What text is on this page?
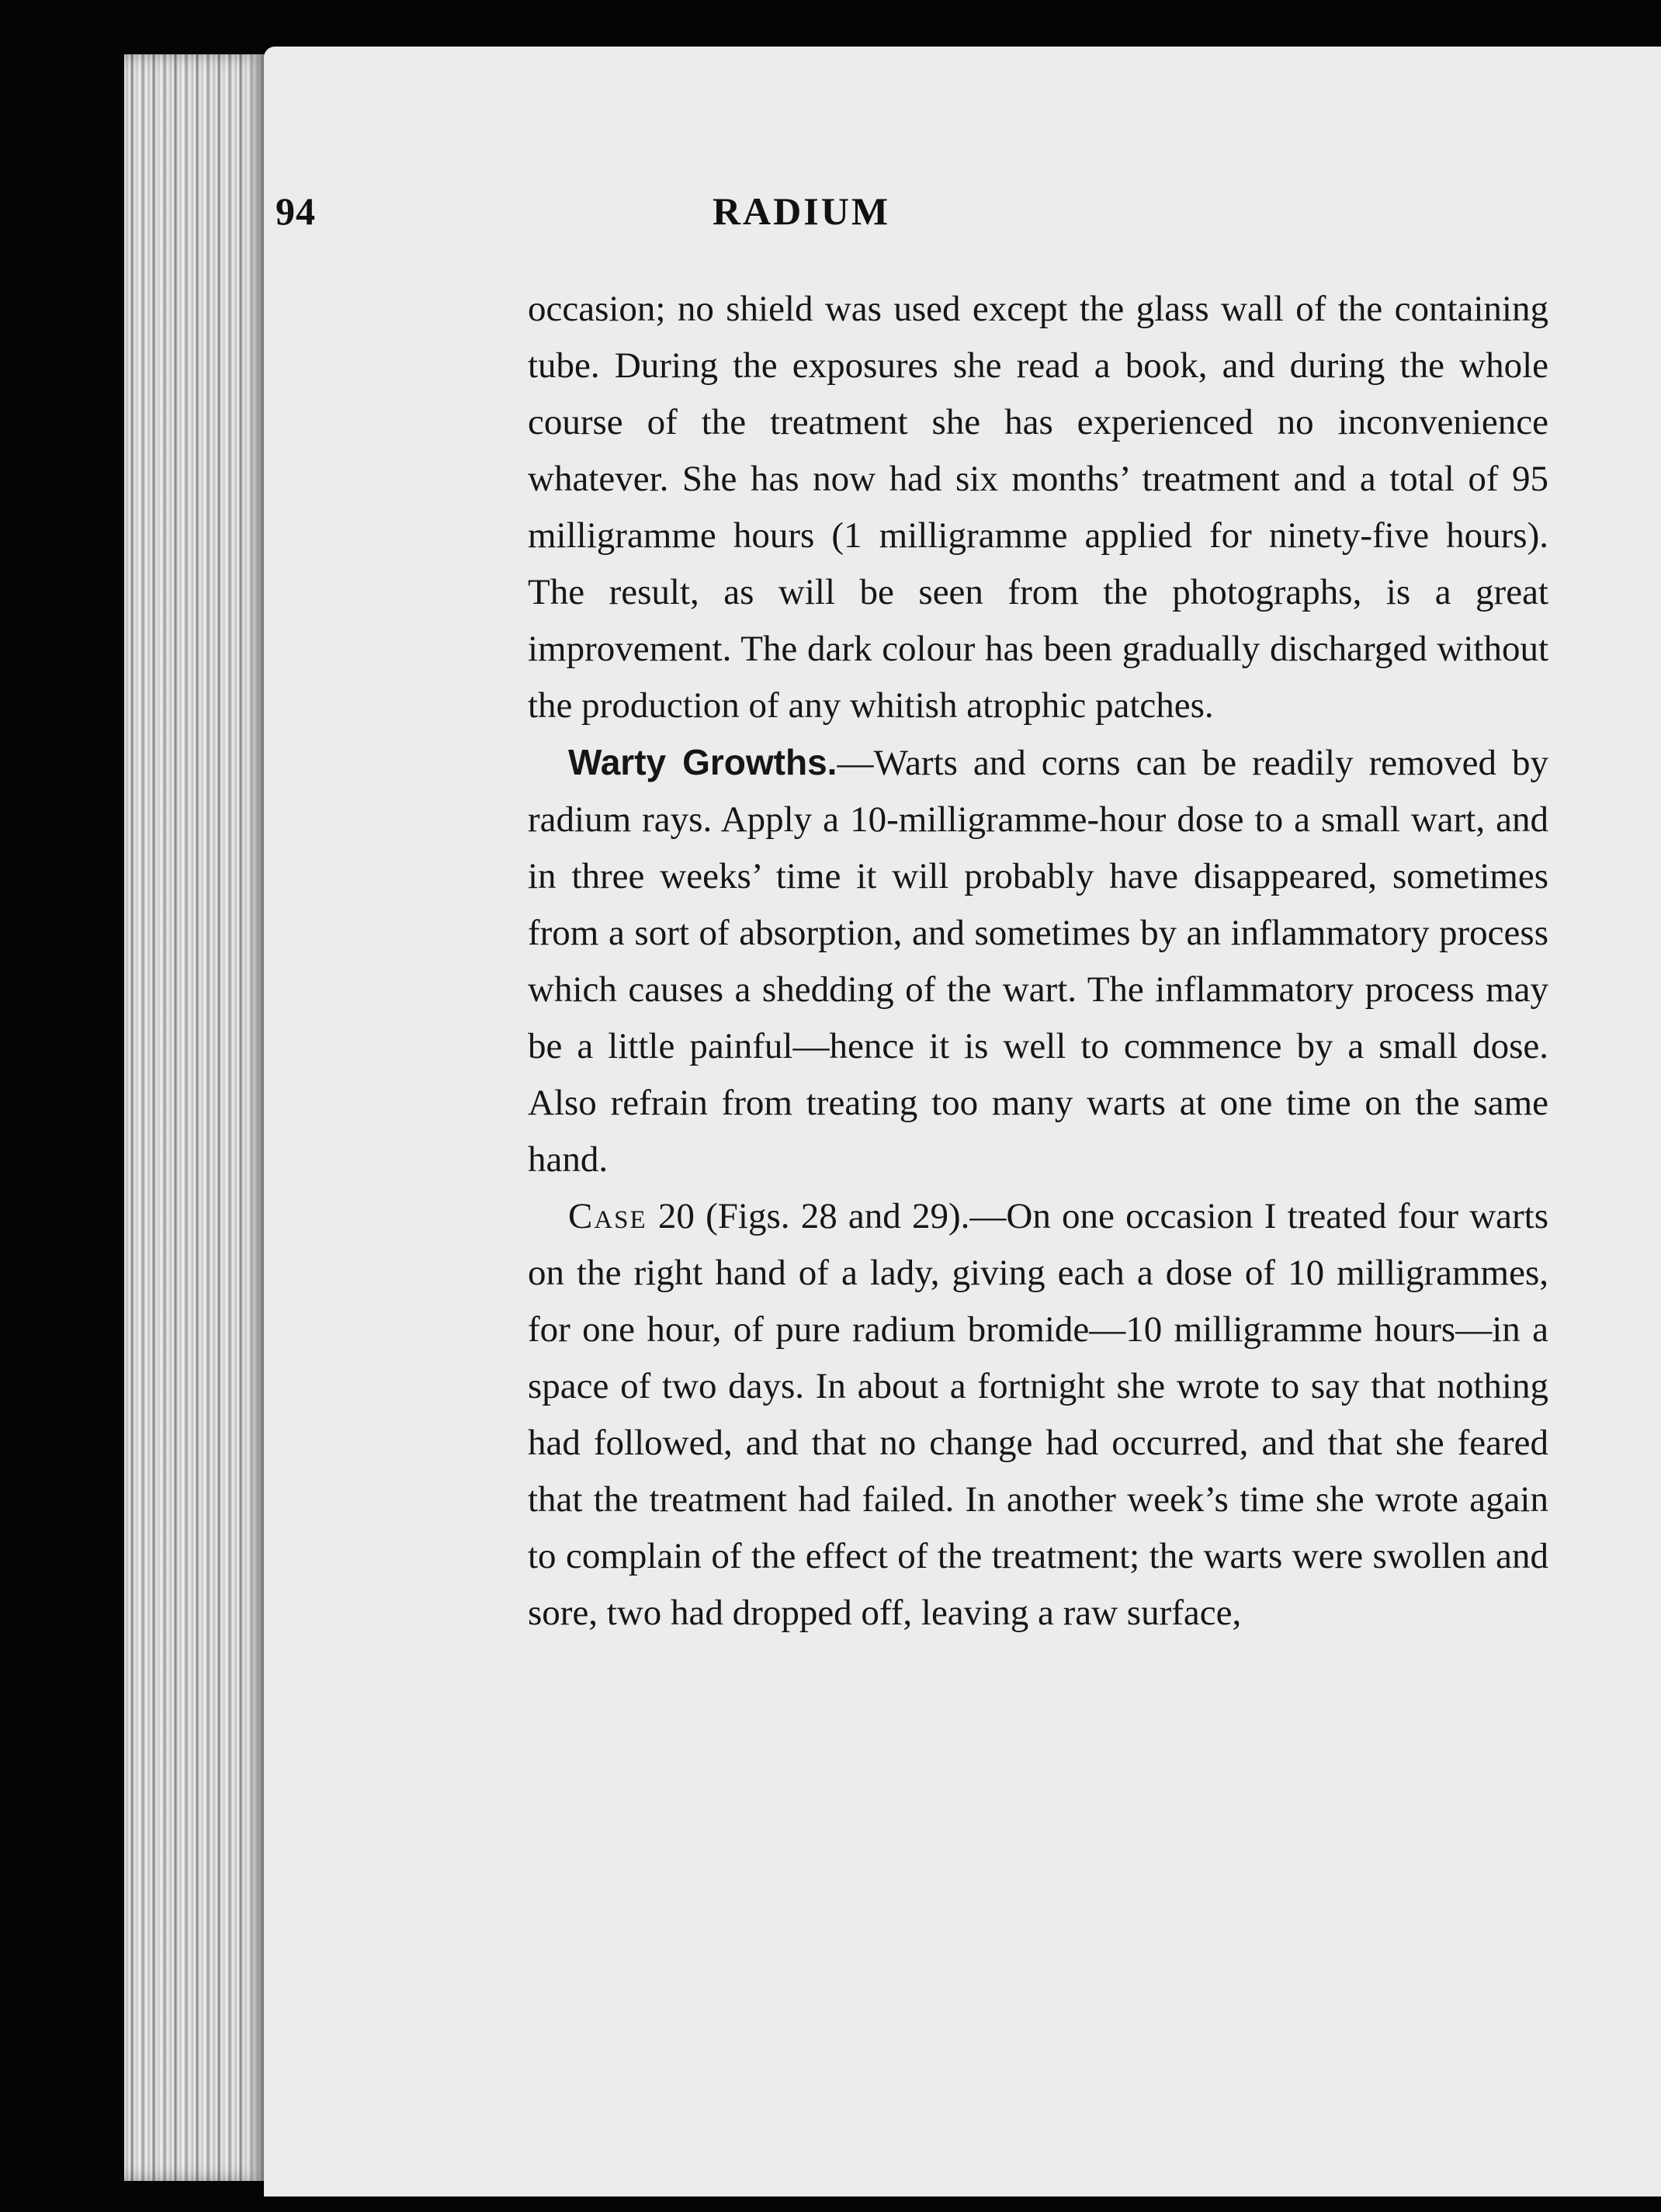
94	RADIUM

occasion; no shield was used except the glass wall of the containing tube. During the exposures she read a book, and during the whole course of the treatment she has experienced no inconvenience whatever. She has now had six months’ treatment and a total of 95 milligramme hours (1 milligramme applied for ninety-five hours). The result, as will be seen from the photographs, is a great improvement. The dark colour has been gradually discharged without the production of any whitish atrophic patches.

Warty Growths.—Warts and corns can be readily removed by radium rays. Apply a 10-milligramme-hour dose to a small wart, and in three weeks’ time it will probably have disappeared, sometimes from a sort of absorption, and sometimes by an inflammatory process which causes a shedding of the wart. The inflammatory process may be a little painful—hence it is well to commence by a small dose. Also refrain from treating too many warts at one time on the same hand.

Case 20 (Figs. 28 and 29).—On one occasion I treated four warts on the right hand of a lady, giving each a dose of 10 milligrammes, for one hour, of pure radium bromide—10 milligramme hours—in a space of two days. In about a fortnight she wrote to say that nothing had followed, and that no change had occurred, and that she feared that the treatment had failed. In another week’s time she wrote again to complain of the effect of the treatment; the warts were swollen and sore, two had dropped off, leaving a raw surface,
